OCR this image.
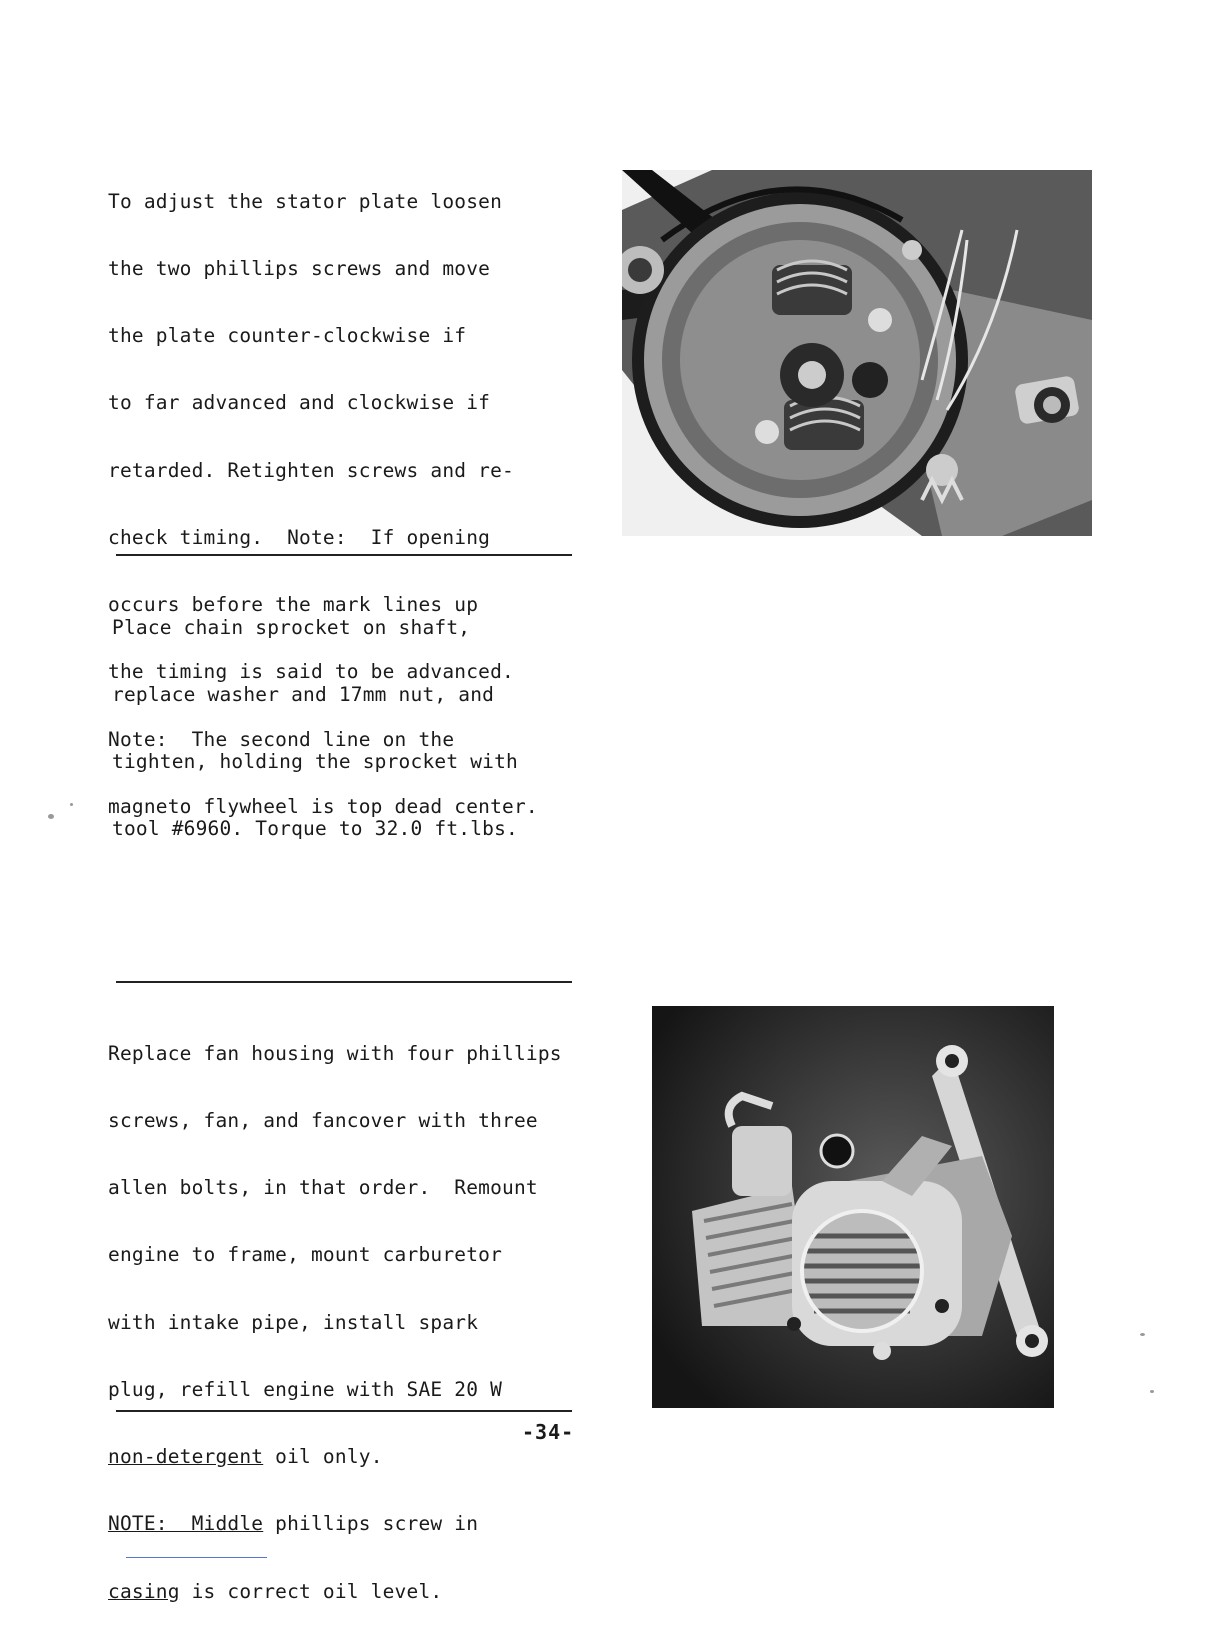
To adjust the stator plate loosen

the two phillips screws and move

the plate counter-clockwise if

to far advanced and clockwise if

retarded. Retighten screws and re-

check timing.  Note:  If opening

occurs before the mark lines up

the timing is said to be advanced.

Note:  The second line on the

magneto flywheel is top dead center.

Place chain sprocket on shaft,

replace washer and 17mm nut, and

tighten, holding the sprocket with

tool #6960. Torque to 32.0 ft.lbs.

Replace fan housing with four phillips

screws, fan, and fancover with three

allen bolts, in that order.  Remount

engine to frame, mount carburetor

with intake pipe, install spark

plug, refill engine with SAE 20 W

non-detergent oil only.

NOTE:  Middle phillips screw in

casing is correct oil level.

-34-
